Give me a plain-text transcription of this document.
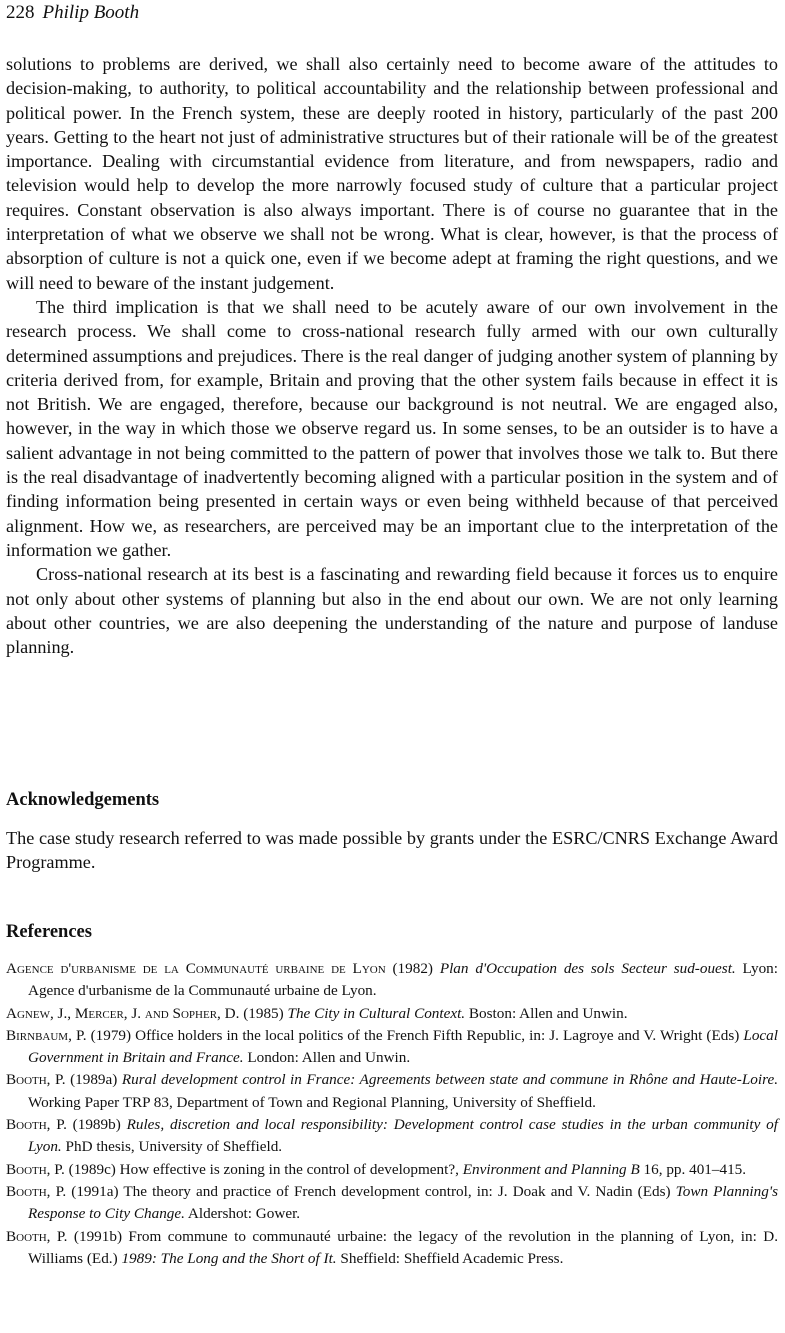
228 Philip Booth

solutions to problems are derived, we shall also certainly need to become aware of the attitudes to decision-making, to authority, to political accountability and the relationship between professional and political power. In the French system, these are deeply rooted in history, particularly of the past 200 years. Getting to the heart not just of administrative structures but of their rationale will be of the greatest importance. Dealing with circumstantial evidence from literature, and from newspapers, radio and television would help to develop the more narrowly focused study of culture that a particular project requires. Constant observation is also always important. There is of course no guarantee that in the interpretation of what we observe we shall not be wrong. What is clear, however, is that the process of absorption of culture is not a quick one, even if we become adept at framing the right questions, and we will need to beware of the instant judgement.

The third implication is that we shall need to be acutely aware of our own involvement in the research process. We shall come to cross-national research fully armed with our own culturally determined assumptions and prejudices. There is the real danger of judging another system of planning by criteria derived from, for example, Britain and proving that the other system fails because in effect it is not British. We are engaged, therefore, because our background is not neutral. We are engaged also, however, in the way in which those we observe regard us. In some senses, to be an outsider is to have a salient advantage in not being committed to the pattern of power that involves those we talk to. But there is the real disadvantage of inadvertently becoming aligned with a particular position in the system and of finding information being presented in certain ways or even being withheld because of that perceived alignment. How we, as researchers, are perceived may be an important clue to the interpretation of the information we gather.

Cross-national research at its best is a fascinating and rewarding field because it forces us to enquire not only about other systems of planning but also in the end about our own. We are not only learning about other countries, we are also deepening the understanding of the nature and purpose of landuse planning.

Acknowledgements
The case study research referred to was made possible by grants under the ESRC/CNRS Exchange Award Programme.
References

Agence d'urbanisme de la Communauté urbaine de Lyon (1982) Plan d'Occupation des sols Secteur sud-ouest. Lyon: Agence d'urbanisme de la Communauté urbaine de Lyon.

Agnew, J., Mercer, J. and Sopher, D. (1985) The City in Cultural Context. Boston: Allen and Unwin.

Birnbaum, P. (1979) Office holders in the local politics of the French Fifth Republic, in: J. Lagroye and V. Wright (Eds) Local Government in Britain and France. London: Allen and Unwin.

Booth, P. (1989a) Rural development control in France: Agreements between state and commune in Rhône and Haute-Loire. Working Paper TRP 83, Department of Town and Regional Planning, University of Sheffield.

Booth, P. (1989b) Rules, discretion and local responsibility: Development control case studies in the urban community of Lyon. PhD thesis, University of Sheffield.

Booth, P. (1989c) How effective is zoning in the control of development?, Environment and Planning B 16, pp. 401–415.

Booth, P. (1991a) The theory and practice of French development control, in: J. Doak and V. Nadin (Eds) Town Planning's Response to City Change. Aldershot: Gower.

Booth, P. (1991b) From commune to communauté urbaine: the legacy of the revolution in the planning of Lyon, in: D. Williams (Ed.) 1989: The Long and the Short of It. Sheffield: Sheffield Academic Press.
